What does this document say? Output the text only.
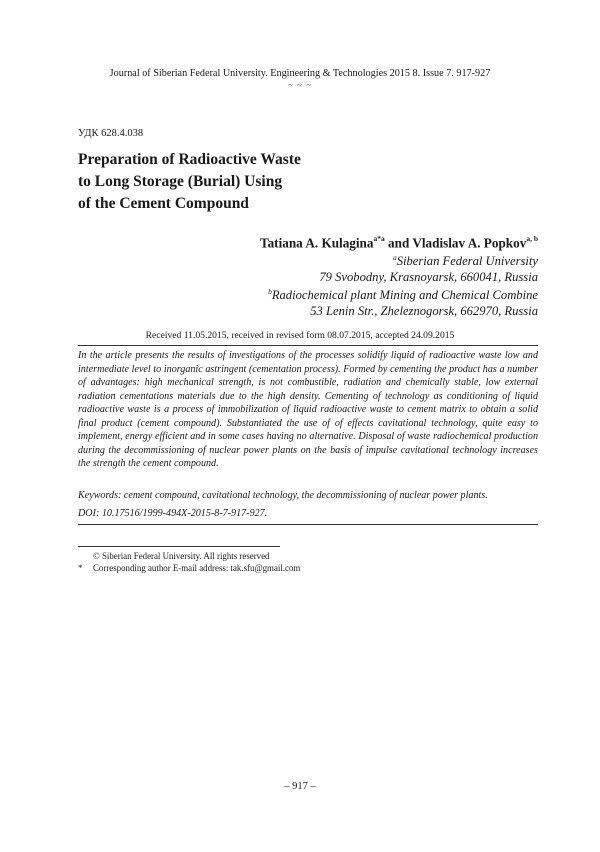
Journal of Siberian Federal University. Engineering & Technologies 2015 8. Issue 7. 917-927
~ ~ ~
УДК 628.4.038
Preparation of Radioactive Waste
to Long Storage (Burial) Using
of the Cement Compound
Tatiana A. Kulagina$^{a*a}$ and Vladislav A. Popkov$^{a, b}$
$^a$Siberian Federal University
79 Svobodny, Krasnoyarsk, 660041, Russia
$^b$Radiochemical plant Mining and Chemical Combine
53 Lenin Str., Zheleznogorsk, 662970, Russia
Received 11.05.2015, received in revised form 08.07.2015, accepted 24.09.2015
In the article presents the results of investigations of the processes solidify liquid of radioactive waste low and intermediate level to inorganic astringent (cementation process). Formed by cementing the product has a number of advantages: high mechanical strength, is not combustible, radiation and chemically stable, low external radiation cementations materials due to the high density. Cementing of technology as conditioning of liquid radioactive waste is a process of immobilization of liquid radioactive waste to cement matrix to obtain a solid final product (cement compound). Substantiated the use of of effects cavitational technology, quite easy to implement, energy efficient and in some cases having no alternative. Disposal of waste radiochemical production during the decommissioning of nuclear power plants on the basis of impulse cavitational technology increases the strength the cement compound.
Keywords: cement compound, cavitational technology, the decommissioning of nuclear power plants.
DOI: 10.17516/1999-494X-2015-8-7-917-927.
© Siberian Federal University. All rights reserved
* Corresponding author E-mail address: tak.sfu@gmail.com
– 917 –
